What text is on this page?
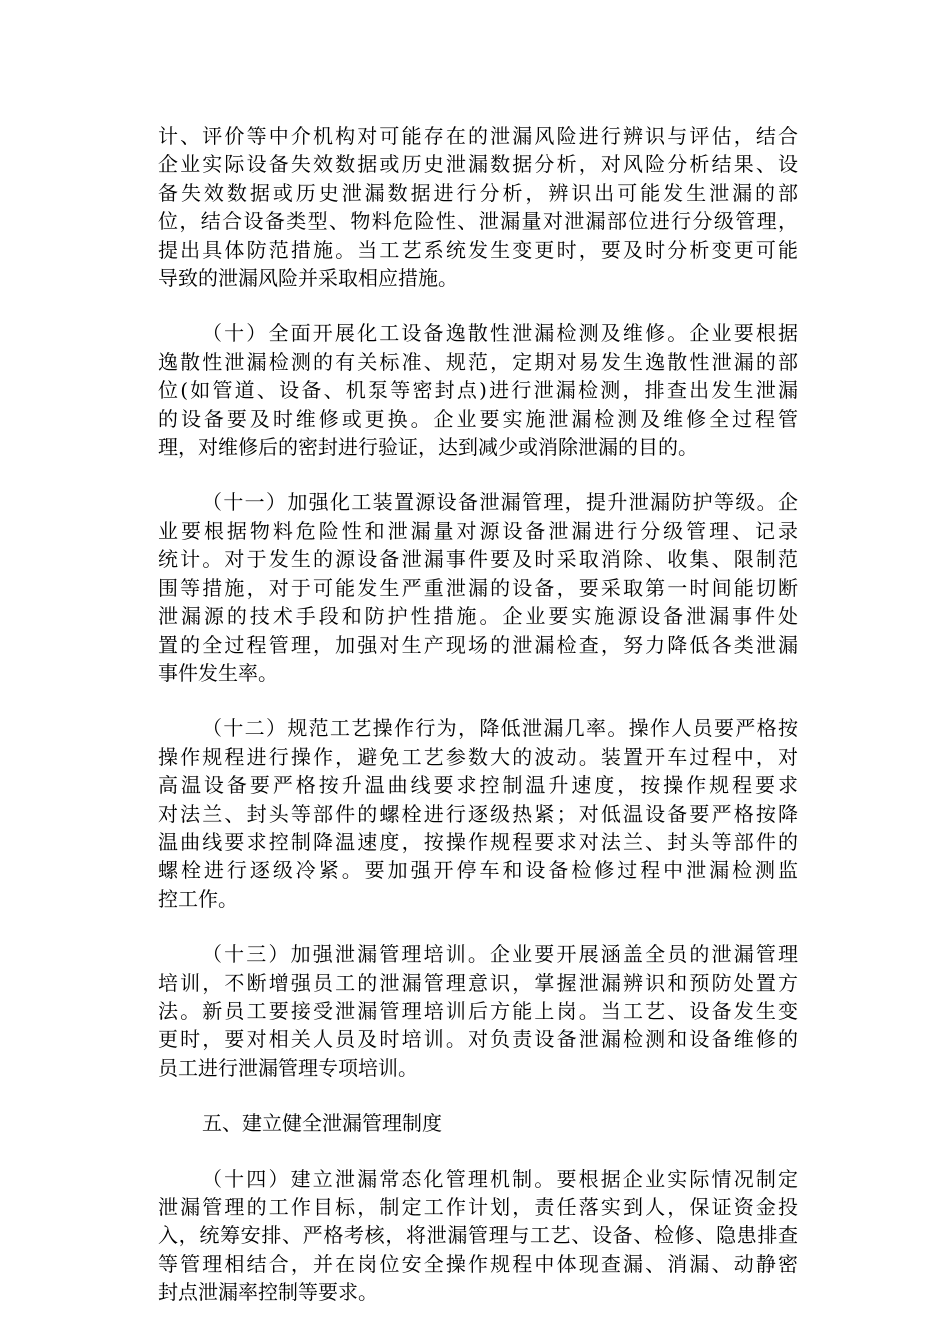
计、评价等中介机构对可能存在的泄漏风险进行辨识与评估，结合
企业实际设备失效数据或历史泄漏数据分析，对风险分析结果、设
备失效数据或历史泄漏数据进行分析，辨识出可能发生泄漏的部
位，结合设备类型、物料危险性、泄漏量对泄漏部位进行分级管理，
提出具体防范措施。当工艺系统发生变更时，要及时分析变更可能
导致的泄漏风险并采取相应措施。

（十）全面开展化工设备逸散性泄漏检测及维修。企业要根据
逸散性泄漏检测的有关标准、规范，定期对易发生逸散性泄漏的部
位(如管道、设备、机泵等密封点)进行泄漏检测，排查出发生泄漏
的设备要及时维修或更换。企业要实施泄漏检测及维修全过程管
理，对维修后的密封进行验证，达到减少或消除泄漏的目的。

（十一）加强化工装置源设备泄漏管理，提升泄漏防护等级。企
业要根据物料危险性和泄漏量对源设备泄漏进行分级管理、记录
统计。对于发生的源设备泄漏事件要及时采取消除、收集、限制范
围等措施，对于可能发生严重泄漏的设备，要采取第一时间能切断
泄漏源的技术手段和防护性措施。企业要实施源设备泄漏事件处
置的全过程管理，加强对生产现场的泄漏检查，努力降低各类泄漏
事件发生率。

（十二）规范工艺操作行为，降低泄漏几率。操作人员要严格按
操作规程进行操作，避免工艺参数大的波动。装置开车过程中，对
高温设备要严格按升温曲线要求控制温升速度，按操作规程要求
对法兰、封头等部件的螺栓进行逐级热紧；对低温设备要严格按降
温曲线要求控制降温速度，按操作规程要求对法兰、封头等部件的
螺栓进行逐级冷紧。要加强开停车和设备检修过程中泄漏检测监
控工作。

（十三）加强泄漏管理培训。企业要开展涵盖全员的泄漏管理
培训，不断增强员工的泄漏管理意识，掌握泄漏辨识和预防处置方
法。新员工要接受泄漏管理培训后方能上岗。当工艺、设备发生变
更时，要对相关人员及时培训。对负责设备泄漏检测和设备维修的
员工进行泄漏管理专项培训。

五、建立健全泄漏管理制度

（十四）建立泄漏常态化管理机制。要根据企业实际情况制定
泄漏管理的工作目标，制定工作计划，责任落实到人，保证资金投
入，统筹安排、严格考核，将泄漏管理与工艺、设备、检修、隐患排查
等管理相结合，并在岗位安全操作规程中体现查漏、消漏、动静密
封点泄漏率控制等要求。
